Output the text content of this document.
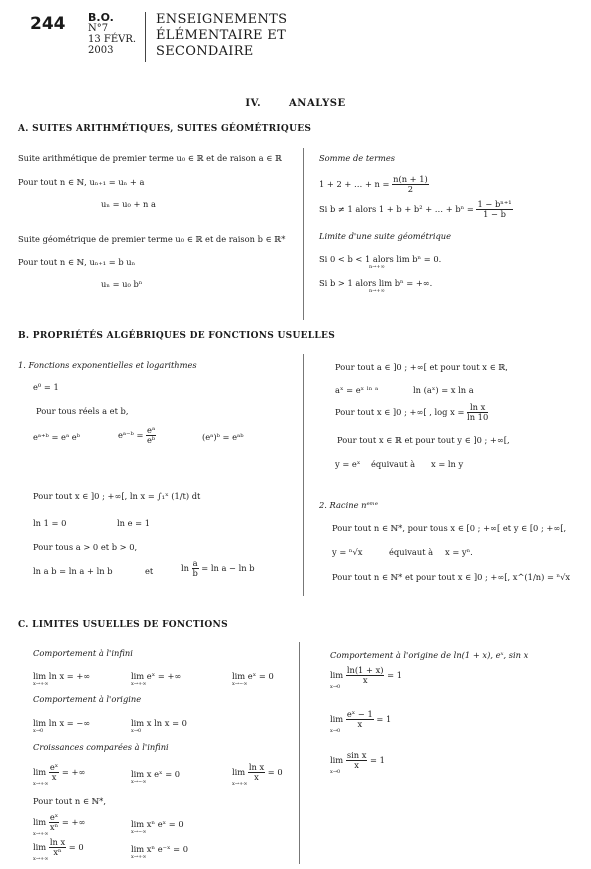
244 B.O.
N°7
13 FÉVR.
2003
ENSEIGNEMENTS
ÉLÉMENTAIRE ET
SECONDAIRE
IV.	ANALYSE
A. SUITES ARITHMÉTIQUES, SUITES GÉOMÉTRIQUES
Suite arithmétique de premier terme u₀ ∈ ℝ et de raison a ∈ ℝ
Pour tout n ∈ ℕ, uₙ₊₁ = uₙ + a
uₙ = u₀ + n a
Suite géométrique de premier terme u₀ ∈ ℝ et de raison b ∈ ℝ*
Pour tout n ∈ ℕ, uₙ₊₁ = b uₙ
uₙ = u₀ bⁿ
Somme de termes
1 + 2 + … + $n = \frac{n(n + 1)}{2}$
Si b ≠ 1 alors 1 + b + b² + … + $b^n = \frac{\text{1 − bⁿ⁺¹}}{1 - b}$
Limite d'une suite géométrique
Si 0 < b < 1 alors lim bⁿ = 0.
n→+∞
Si b > 1 alors lim bⁿ = +∞.
n→+∞
B. PROPRIÉTÉS ALGÉBRIQUES DE FONCTIONS USUELLES
1. Fonctions exponentielles et logarithmes
e⁰ = 1
Pour tous réels a et b,
eᵃ⁺ᵇ = eᵃ eᵇ	eᵃ⁻ᵇ = $\frac{\text{eᵃ}}{\text{eᵇ}}$	(eᵃ)ᵇ = eᵃᵇ
Pour tout x ∈ ]0 ; +∞[, ln x = ∫₁ˣ (1/t) dt
ln 1 = 0	ln e = 1
Pour tous a > 0 et b > 0,
ln a b = ln a + ln b	et	$\ln \frac{a}{b} = \ln a - \ln b$
Pour tout a ∈ ]0 ; +∞[ et pour tout x ∈ ℝ,
aˣ = eˣ ˡⁿ ᵃ	ln (aˣ) = x ln a
Pour tout x ∈ ]0 ; +∞[ , $\log x = \frac{\text{ln x}}{\ln 10}$
Pour tout x ∈ ℝ et pour tout y ∈ ]0 ; +∞[,
y = eˣ équivaut à x = ln y
2. Racine nᵉᵐᵉ
Pour tout n ∈ ℕ*, pour tous x ∈ [0 ; +∞[ et y ∈ [0 ; +∞[,
y = ⁿ√x	équivaut à x = yⁿ.
Pour tout n ∈ ℕ* et pour tout x ∈ ]0 ; +∞[, x^(1/n) = ⁿ√x
C. LIMITES USUELLES DE FONCTIONS
Comportement à l'infini
lim ln x = +∞
x→+∞
lim eˣ = +∞
x→+∞
lim eˣ = 0
x→−∞
Comportement à l'origine
lim ln x = −∞
x→0
lim x ln x = 0
x→0
Croissances comparées à l'infini
$\lim \frac{\text{eˣ}}{x}$ = +∞
x→+∞
lim x eˣ = 0
x→−∞
$\lim \frac{\text{ln x}}{x} = 0$
x→+∞
Pour tout n ∈ ℕ*,
$\lim \frac{\text{eˣ}}{\text{xⁿ}}$ = +∞
x→+∞
lim xⁿ eˣ = 0
x→−∞
$\lim \frac{\text{ln x}}{\text{xⁿ}} = 0$
x→+∞
lim xⁿ e⁻ˣ = 0
x→+∞
Comportement à l'origine de ln(1 + x), eˣ, sin x
$\lim \frac{\ln(1 + x)}{x} = 1$
x→0
$\lim \frac{\text{eˣ − 1}}{x} = 1$
x→0
$\lim \frac{\text{sin x}}{x} = 1$
x→0
